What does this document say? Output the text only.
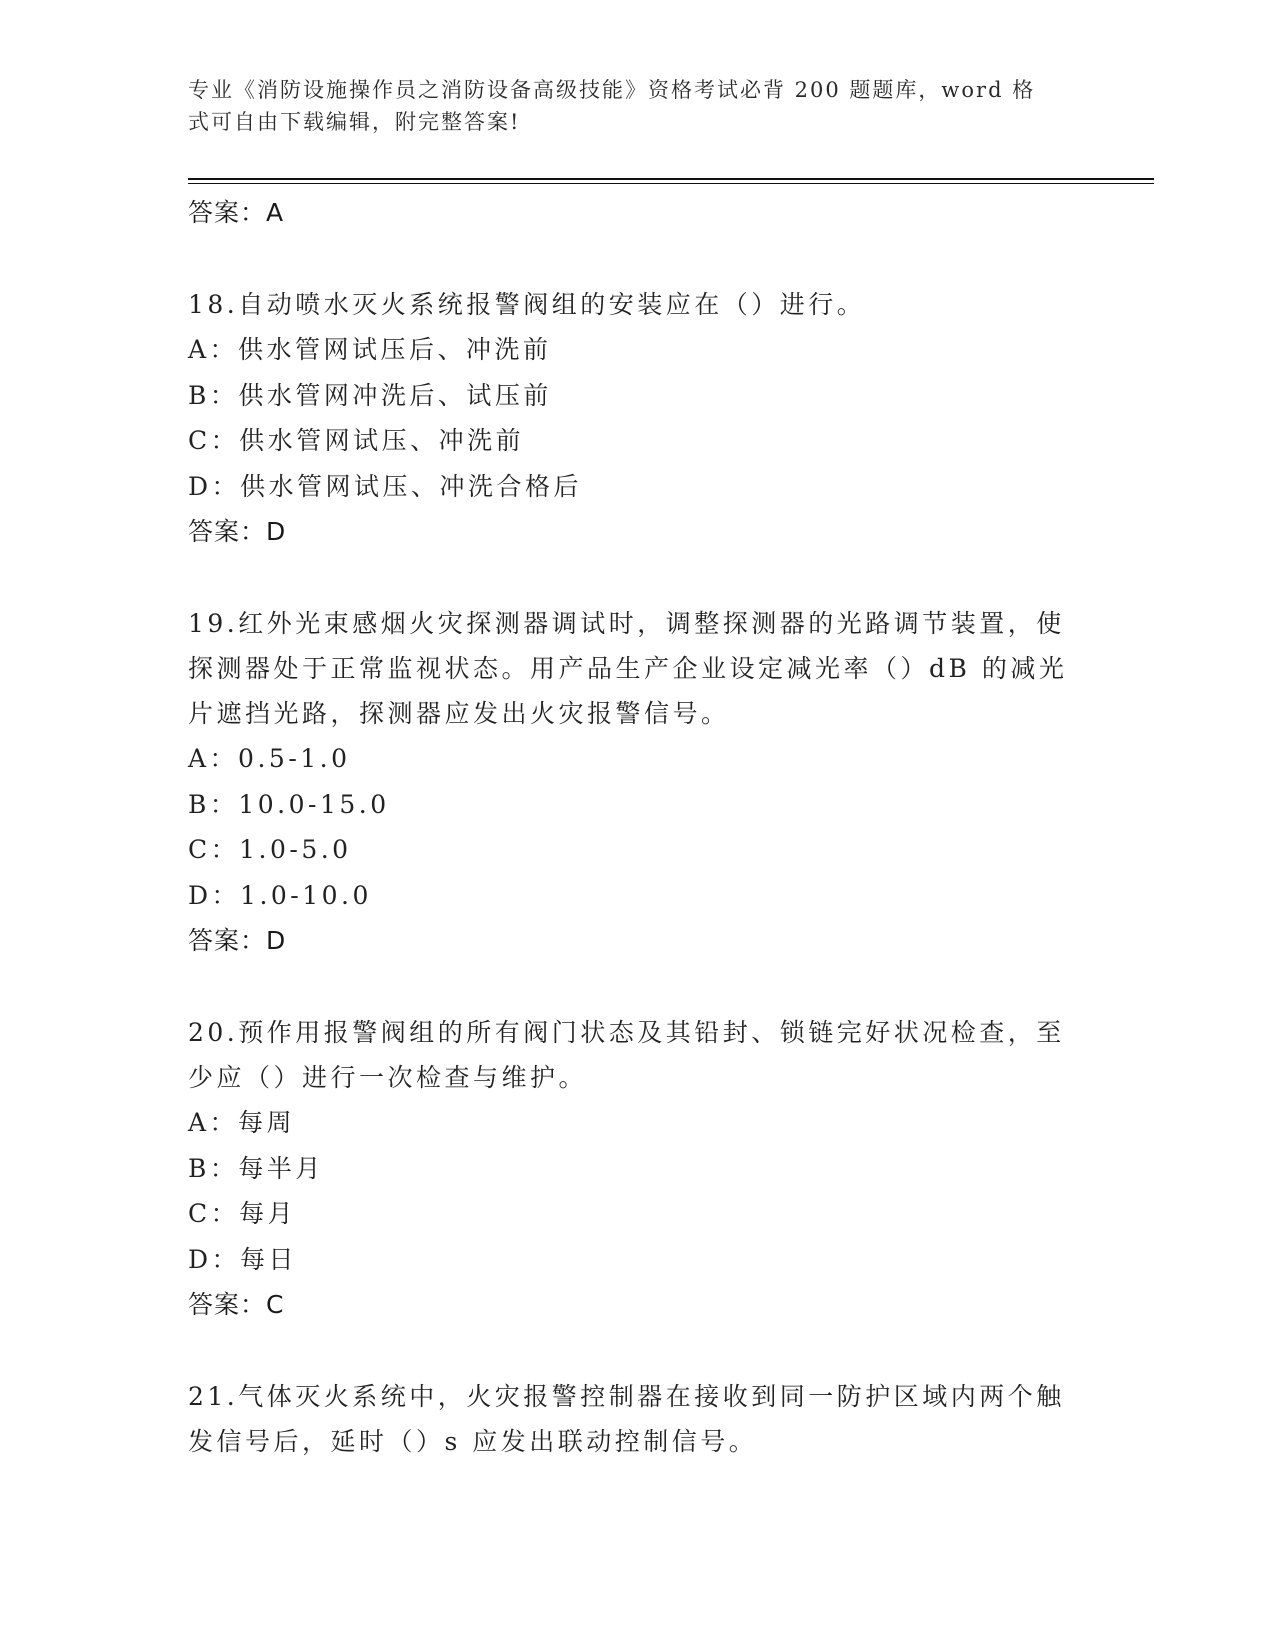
专业《消防设施操作员之消防设备高级技能》资格考试必背 200 题题库，word 格
式可自由下载编辑，附完整答案!
答案：A
18.自动喷水灭火系统报警阀组的安装应在（）进行。
A：供水管网试压后、冲洗前
B：供水管网冲洗后、试压前
C：供水管网试压、冲洗前
D：供水管网试压、冲洗合格后
答案：D
19.红外光束感烟火灾探测器调试时，调整探测器的光路调节装置，使探测器处于正常监视状态。用产品生产企业设定减光率（）dB 的减光片遮挡光路，探测器应发出火灾报警信号。
A：0.5-1.0
B：10.0-15.0
C：1.0-5.0
D：1.0-10.0
答案：D
20.预作用报警阀组的所有阀门状态及其铅封、锁链完好状况检查，至少应（）进行一次检查与维护。
A：每周
B：每半月
C：每月
D：每日
答案：C
21.气体灭火系统中，火灾报警控制器在接收到同一防护区域内两个触发信号后，延时（）s 应发出联动控制信号。
